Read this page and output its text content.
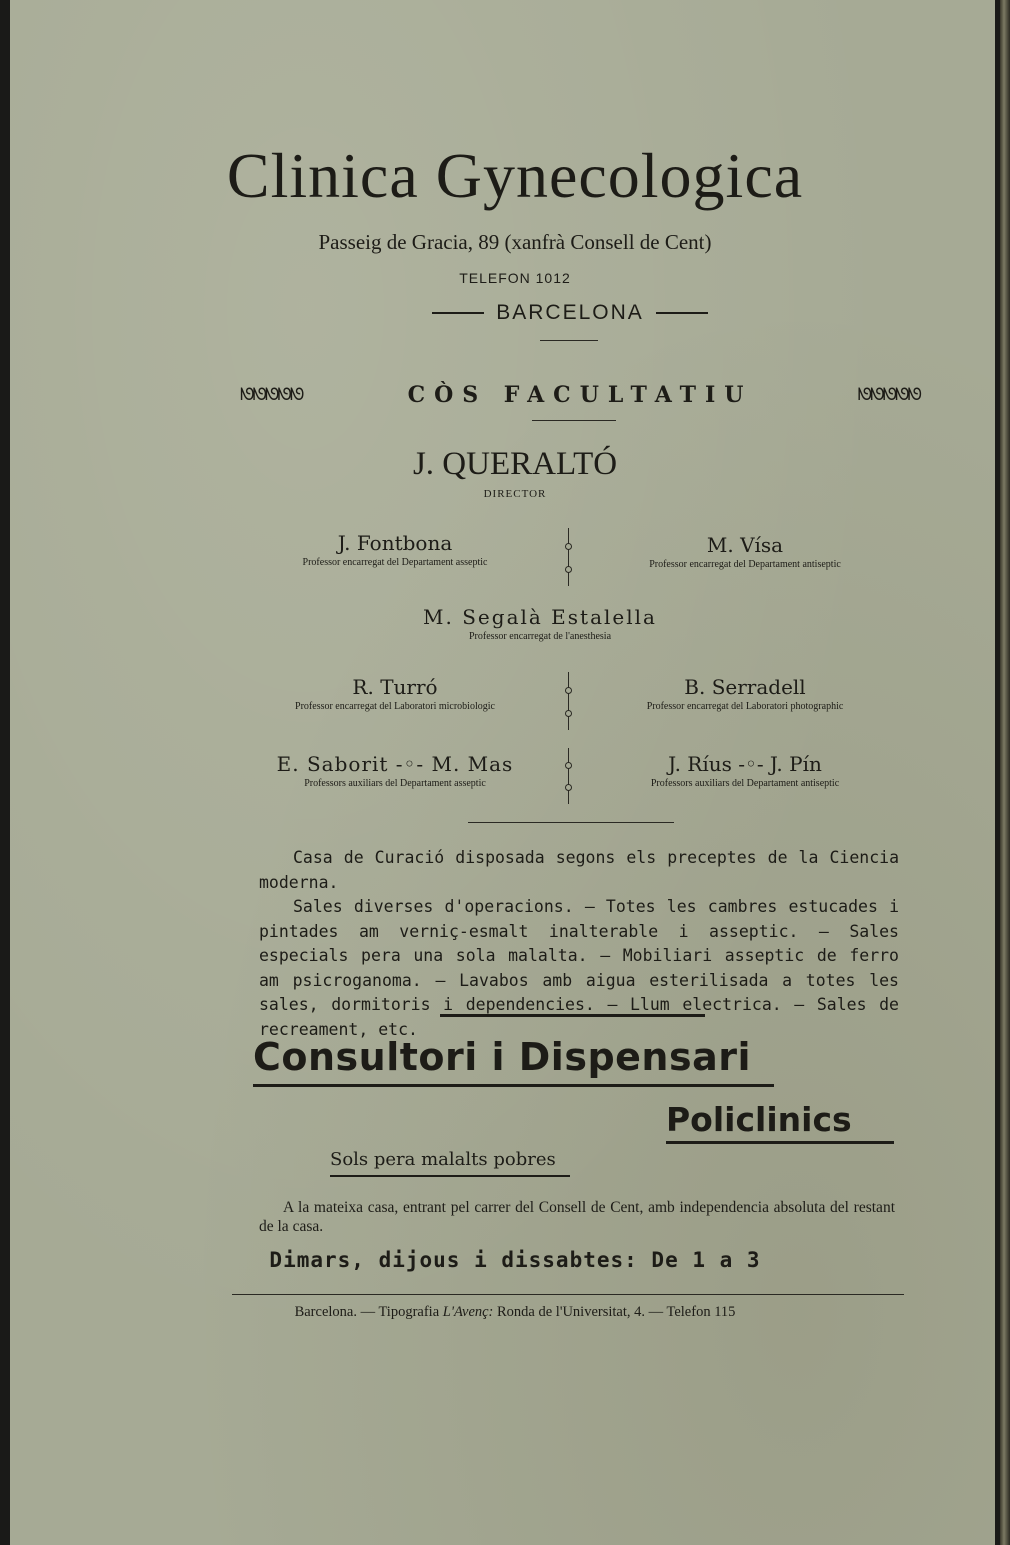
Clinica Gynecologica
Passeig de Gracia, 89 (xanfrà Consell de Cent)
TELEFON 1012
BARCELONA
ᘚᘚᘚᘚᘚ	CÒS FACULTATIU	ᘚᘚᘚᘚᘚ
J. QUERALTÓ
DIRECTOR
J. Fontbona
Professor encarregat del Departament asseptic
M. Vísa
Professor encarregat del Departament antiseptic
M. Segalà Estalella
Professor encarregat de l'anesthesia
R. Turró
Professor encarregat del Laboratori microbiologic
B. Serradell
Professor encarregat del Laboratori photographic
E. Saborit -◦- M. Mas
Professors auxiliars del Departament asseptic
J. Ríus -◦- J. Pín
Professors auxiliars del Departament antiseptic

Casa de Curació disposada segons els preceptes de la Ciencia moderna.

Sales diverses d'operacions. — Totes les cambres estucades i pintades am verniç-esmalt inalterable i asseptic. — Sales especials pera una sola malalta. — Mobiliari asseptic de ferro am psicroganoma. — Lavabos amb aigua esterilisada a totes les sales, dormitoris i dependencies. — Llum electrica. — Sales de recreament, etc.

Consultori i Dispensari
Policlinics
Sols pera malalts pobres
A la mateixa casa, entrant pel carrer del Consell de Cent, amb independencia absoluta del restant de la casa.
Dimars, dijous i dissabtes: De 1 a 3
Barcelona. — Tipografia L'Avenç: Ronda de l'Universitat, 4. — Telefon 115
